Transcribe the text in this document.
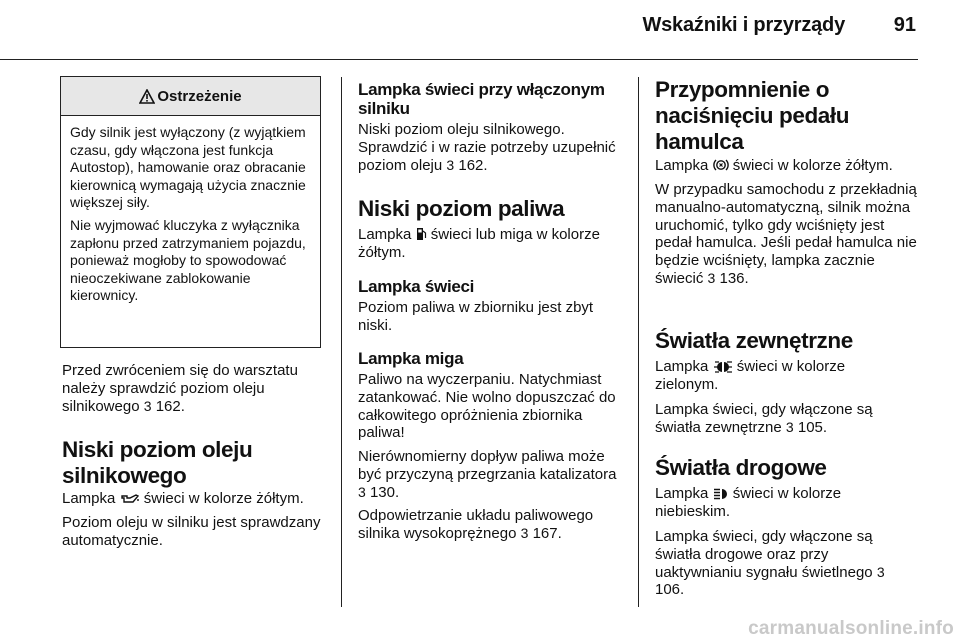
Wskaźniki i przyrządy	91
Ostrzeżenie

Gdy silnik jest wyłączony (z wyjątkiem czasu, gdy włączona jest funkcja Autostop), hamowanie oraz obracanie kierownicą wymagają użycia znacznie większej siły.

Nie wyjmować kluczyka z wyłącznika zapłonu przed zatrzymaniem pojazdu, ponieważ mogłoby to spowodować nieoczekiwane zablokowanie kierownicy.

Przed zwróceniem się do warsztatu należy sprawdzić poziom oleju silnikowego 3 162.

Niski poziom oleju silnikowego

Lampka świeci w kolorze żółtym.

Poziom oleju w silniku jest sprawdzany automatycznie.

Lampka świeci przy włączonym silniku

Niski poziom oleju silnikowego. Sprawdzić i w razie potrzeby uzupełnić poziom oleju 3 162.

Niski poziom paliwa

Lampka świeci lub miga w kolorze żółtym.

Lampka świeci

Poziom paliwa w zbiorniku jest zbyt niski.

Lampka miga

Paliwo na wyczerpaniu. Natychmiast zatankować. Nie wolno dopuszczać do całkowitego opróżnienia zbiornika paliwa!

Nierównomierny dopływ paliwa może być przyczyną przegrzania katalizatora 3 130.

Odpowietrzanie układu paliwowego silnika wysokoprężnego 3 167.

Przypomnienie o naciśnięciu pedału hamulca

Lampka świeci w kolorze żółtym.

W przypadku samochodu z przekładnią manualno-automatyczną, silnik można uruchomić, tylko gdy wciśnięty jest pedał hamulca. Jeśli pedał hamulca nie będzie wciśnięty, lampka zacznie świecić 3 136.

Światła zewnętrzne

Lampka świeci w kolorze zielonym.

Lampka świeci, gdy włączone są światła zewnętrzne 3 105.

Światła drogowe

Lampka świeci w kolorze niebieskim.

Lampka świeci, gdy włączone są światła drogowe oraz przy uaktywnianiu sygnału świetlnego 3 106.

carmanualsonline.info
